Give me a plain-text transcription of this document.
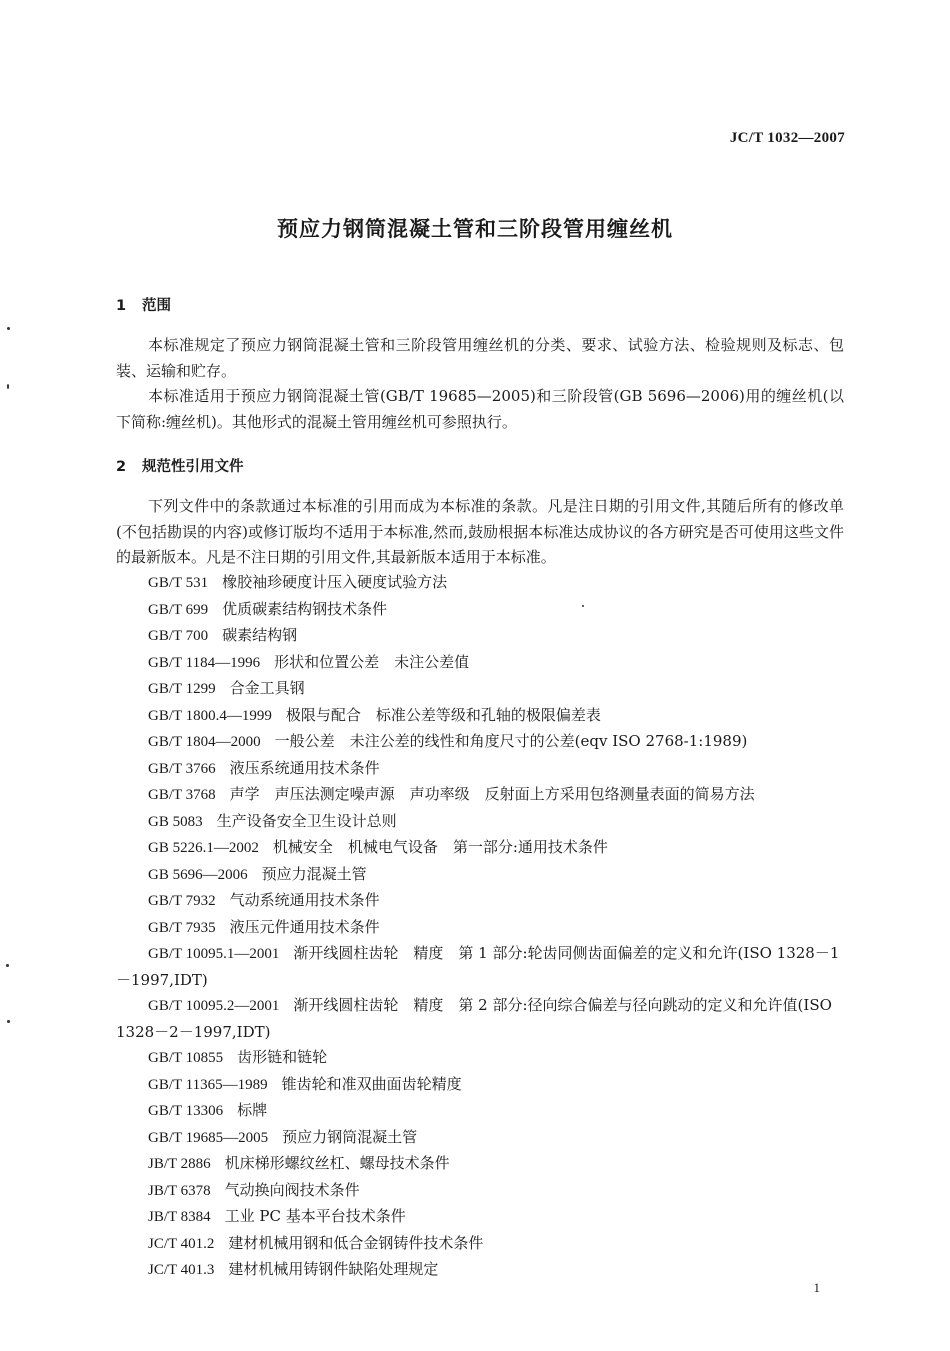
JC/T 1032—2007
预应力钢筒混凝土管和三阶段管用缠丝机
1 范围
本标准规定了预应力钢筒混凝土管和三阶段管用缠丝机的分类、要求、试验方法、检验规则及标志、包装、运输和贮存。
本标准适用于预应力钢筒混凝土管(GB/T 19685—2005)和三阶段管(GB 5696—2006)用的缠丝机(以下简称:缠丝机)。其他形式的混凝土管用缠丝机可参照执行。
2 规范性引用文件
下列文件中的条款通过本标准的引用而成为本标准的条款。凡是注日期的引用文件,其随后所有的修改单(不包括勘误的内容)或修订版均不适用于本标准,然而,鼓励根据本标准达成协议的各方研究是否可使用这些文件的最新版本。凡是不注日期的引用文件,其最新版本适用于本标准。
GB/T 531 橡胶袖珍硬度计压入硬度试验方法
GB/T 699 优质碳素结构钢技术条件
GB/T 700 碳素结构钢
GB/T 1184—1996 形状和位置公差　未注公差值
GB/T 1299 合金工具钢
GB/T 1800.4—1999 极限与配合　标准公差等级和孔轴的极限偏差表
GB/T 1804—2000 一般公差　未注公差的线性和角度尺寸的公差(eqv ISO 2768-1:1989)
GB/T 3766 液压系统通用技术条件
GB/T 3768 声学　声压法测定噪声源　声功率级　反射面上方采用包络测量表面的简易方法
GB 5083 生产设备安全卫生设计总则
GB 5226.1—2002 机械安全　机械电气设备　第一部分:通用技术条件
GB 5696—2006 预应力混凝土管
GB/T 7932 气动系统通用技术条件
GB/T 7935 液压元件通用技术条件
GB/T 10095.1—2001 渐开线圆柱齿轮　精度　第 1 部分:轮齿同侧齿面偏差的定义和允许(ISO 1328－1－1997,IDT)
GB/T 10095.2—2001 渐开线圆柱齿轮　精度　第 2 部分:径向综合偏差与径向跳动的定义和允许值(ISO 1328－2－1997,IDT)
GB/T 10855 齿形链和链轮
GB/T 11365—1989 锥齿轮和准双曲面齿轮精度
GB/T 13306 标牌
GB/T 19685—2005 预应力钢筒混凝土管
JB/T 2886 机床梯形螺纹丝杠、螺母技术条件
JB/T 6378 气动换向阀技术条件
JB/T 8384 工业 PC 基本平台技术条件
JC/T 401.2 建材机械用钢和低合金钢铸件技术条件
JC/T 401.3 建材机械用铸钢件缺陷处理规定
1
